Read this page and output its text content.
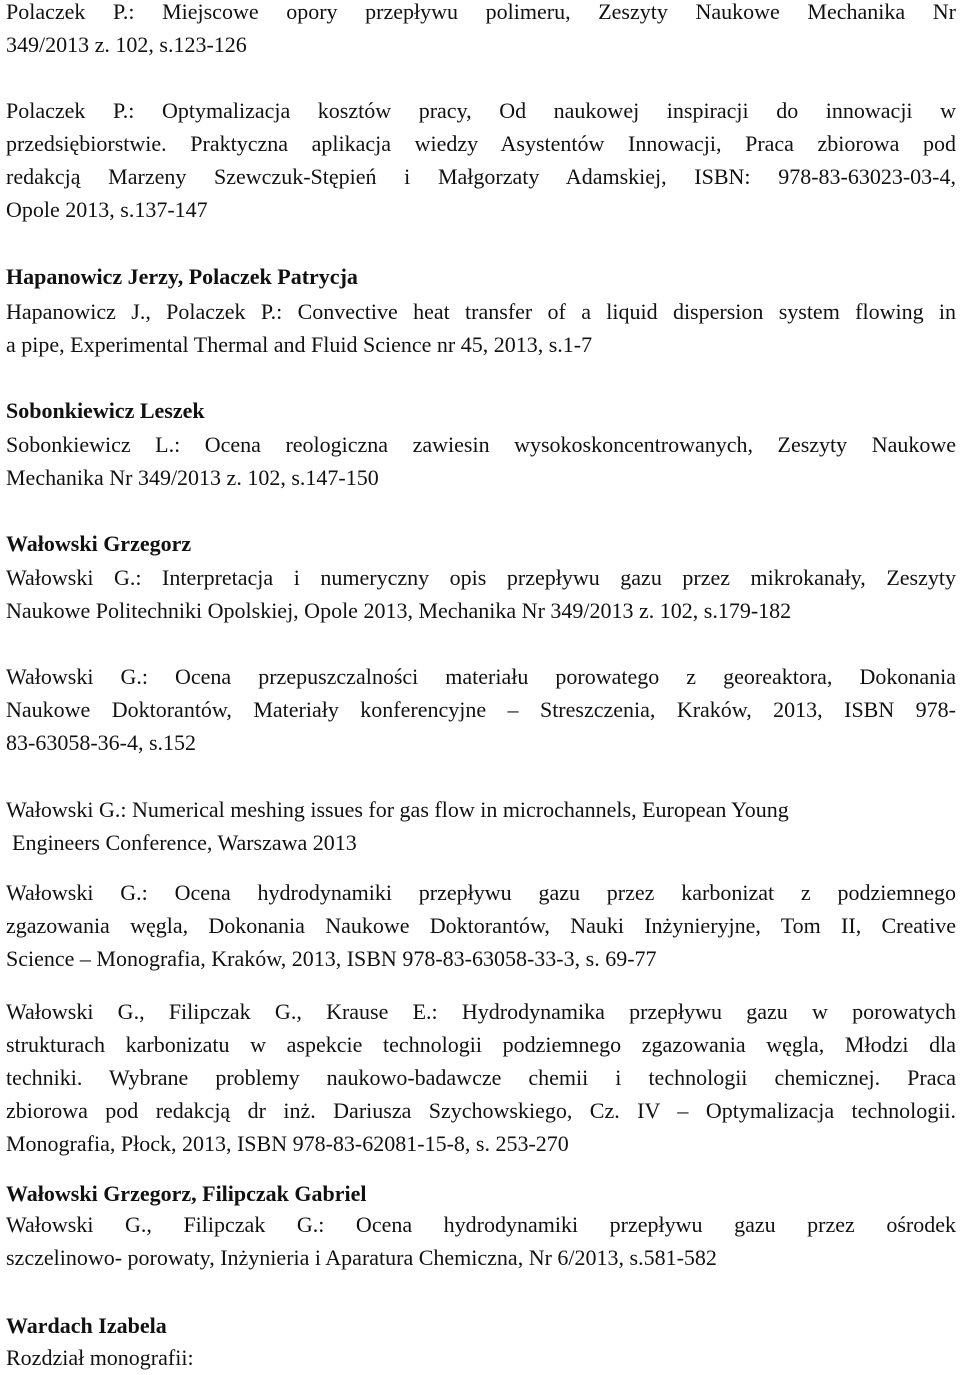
Polaczek P.: Miejscowe opory przepływu polimeru, Zeszyty Naukowe Mechanika Nr
349/2013 z. 102, s.123-126
Polaczek P.: Optymalizacja kosztów pracy, Od naukowej inspiracji do innowacji w
przedsiębiorstwie. Praktyczna aplikacja wiedzy Asystentów Innowacji, Praca zbiorowa pod
redakcją Marzeny Szewczuk-Stępień i Małgorzaty Adamskiej, ISBN: 978-83-63023-03-4,
Opole 2013, s.137-147
Hapanowicz Jerzy, Polaczek Patrycja
Hapanowicz J., Polaczek P.: Convective heat transfer of a liquid dispersion system flowing in
a pipe, Experimental Thermal and Fluid Science nr 45, 2013, s.1-7
Sobonkiewicz Leszek
Sobonkiewicz L.: Ocena reologiczna zawiesin wysokoskoncentrowanych, Zeszyty Naukowe
Mechanika Nr 349/2013 z. 102, s.147-150
Wałowski Grzegorz
Wałowski G.: Interpretacja i numeryczny opis przepływu gazu przez mikrokanały, Zeszyty
Naukowe Politechniki Opolskiej, Opole 2013, Mechanika Nr 349/2013 z. 102, s.179-182
Wałowski G.: Ocena przepuszczalności materiału porowatego z georeaktora, Dokonania
Naukowe Doktorantów, Materiały konferencyjne – Streszczenia, Kraków, 2013, ISBN 978-
83-63058-36-4, s.152
Wałowski G.: Numerical meshing issues for gas flow in microchannels, European Young
Engineers Conference, Warszawa 2013
Wałowski G.: Ocena hydrodynamiki przepływu gazu przez karbonizat z podziemnego
zgazowania węgla, Dokonania Naukowe Doktorantów, Nauki Inżynieryjne, Tom II, Creative
Science – Monografia, Kraków, 2013, ISBN 978-83-63058-33-3, s. 69-77
Wałowski G., Filipczak G., Krause E.: Hydrodynamika przepływu gazu w porowatych
strukturach karbonizatu w aspekcie technologii podziemnego zgazowania węgla, Młodzi dla
techniki. Wybrane problemy naukowo-badawcze chemii i technologii chemicznej. Praca
zbiorowa pod redakcją dr inż. Dariusza Szychowskiego, Cz. IV – Optymalizacja technologii.
Monografia, Płock, 2013, ISBN 978-83-62081-15-8, s. 253-270
Wałowski Grzegorz, Filipczak Gabriel
Wałowski G., Filipczak G.: Ocena hydrodynamiki przepływu gazu przez ośrodek
szczelinowo- porowaty, Inżynieria i Aparatura Chemiczna, Nr 6/2013, s.581-582
Wardach Izabela
Rozdział monografii:
